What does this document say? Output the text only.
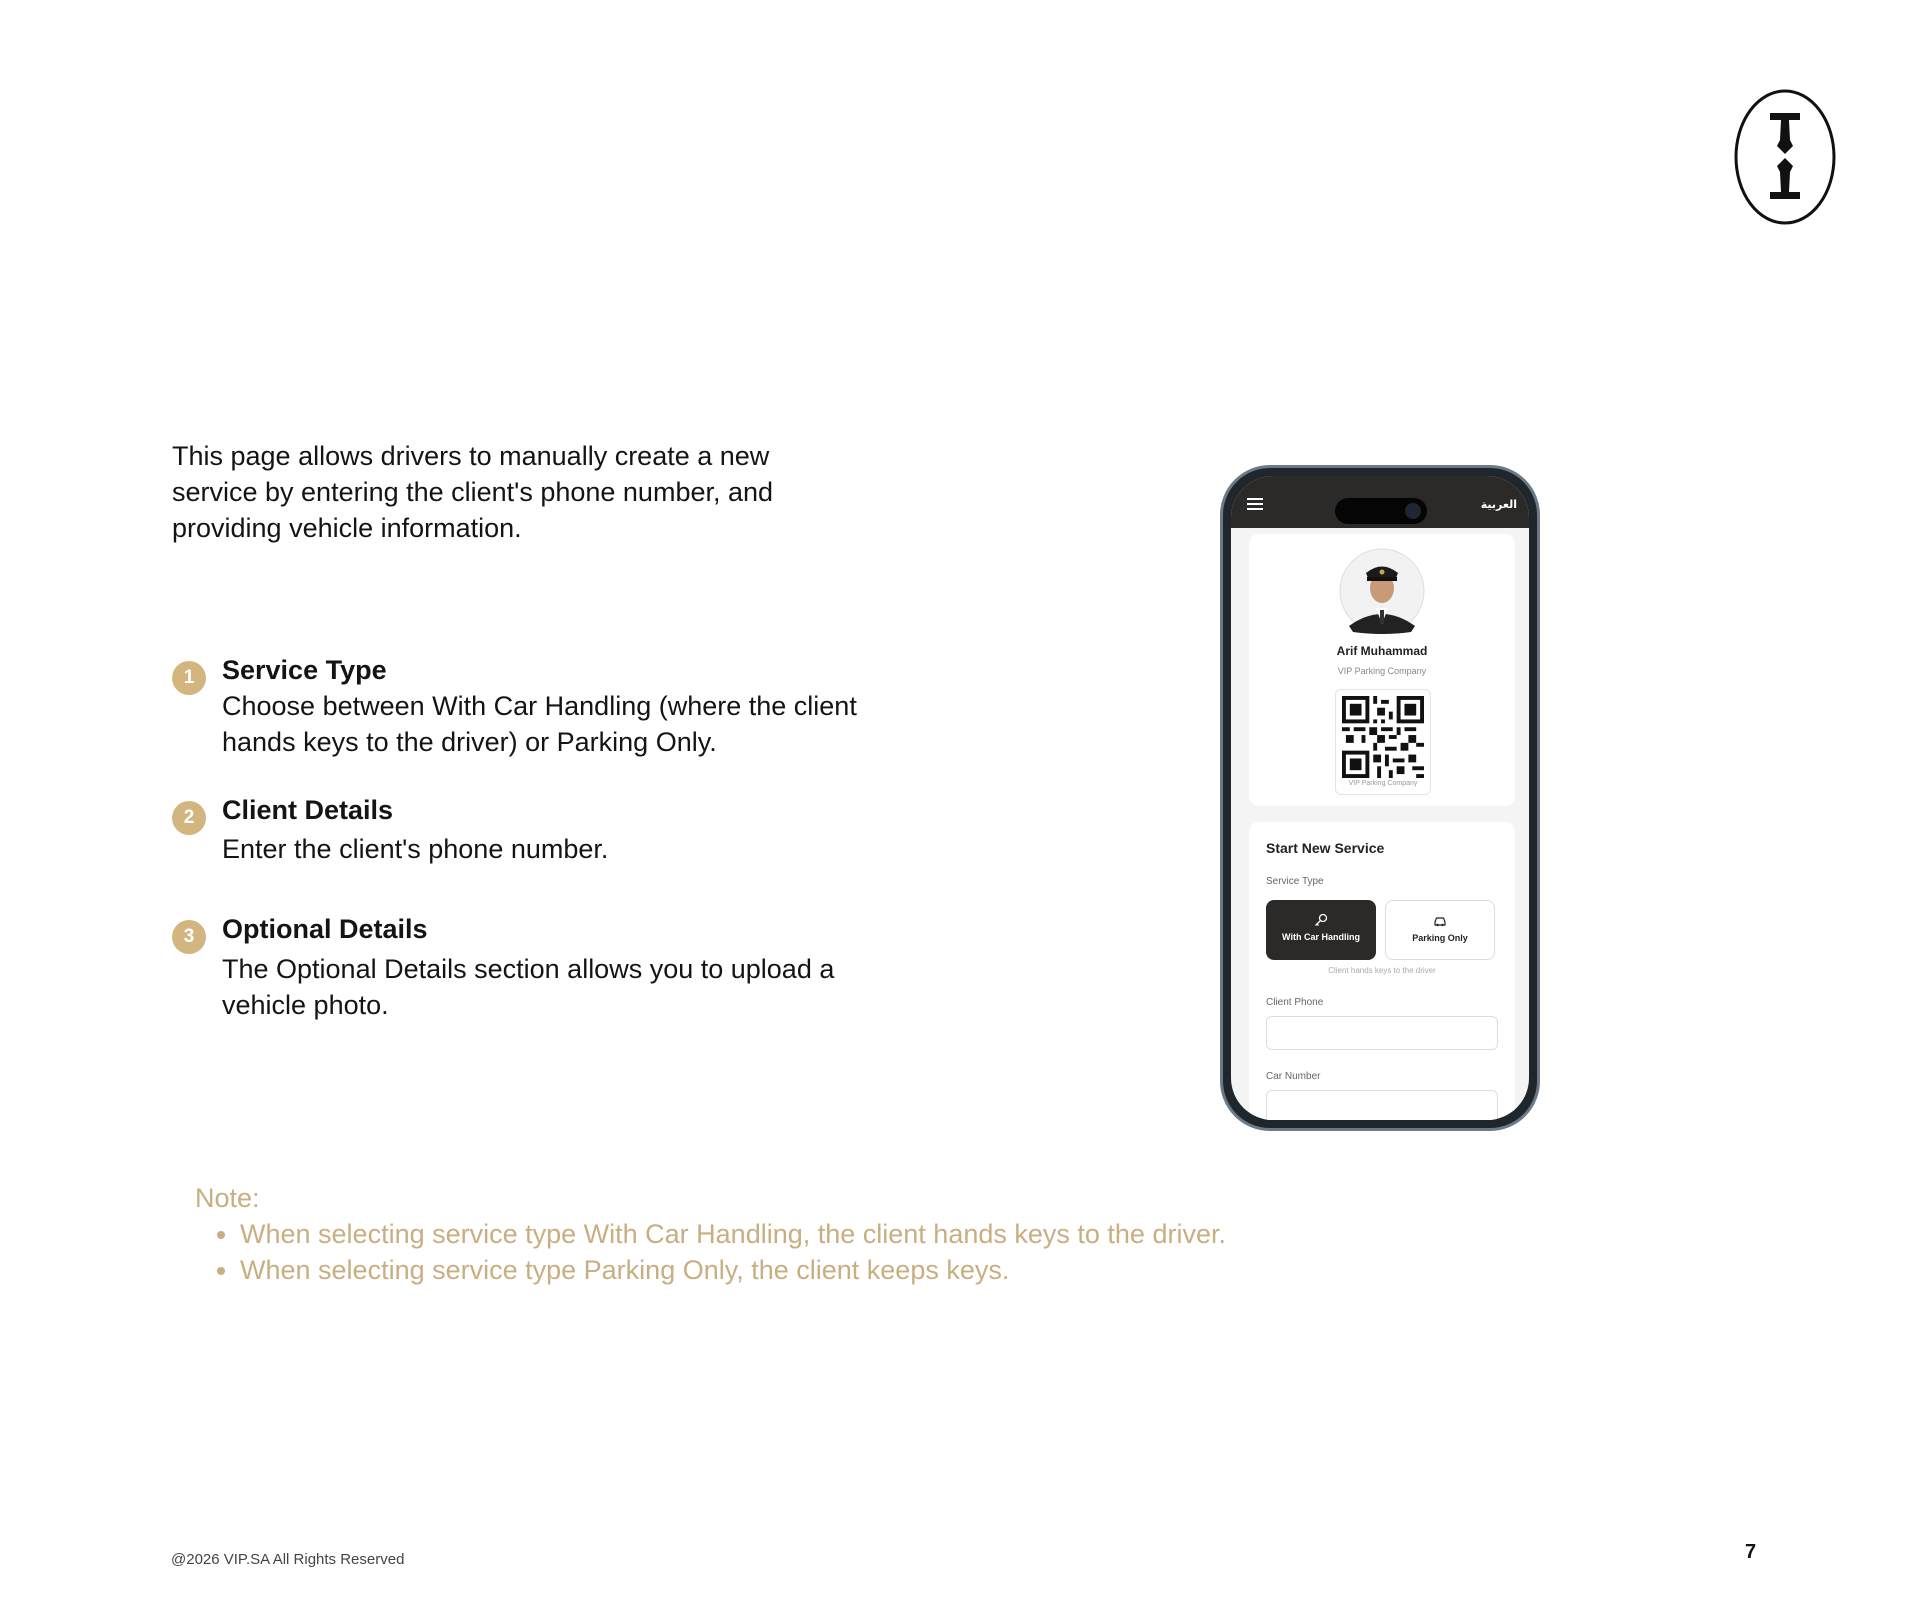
This page allows drivers to manually create a new service by entering the client's phone number, and providing vehicle information.

1	Service Type

Choose between With Car Handling (where the client hands keys to the driver) or Parking Only.

2	Client Details

Enter the client's phone number.

3	Optional Details

The Optional Details section allows you to upload a vehicle photo.

العربية
Arif Muhammad
VIP Parking Company
VIP Parking Company
Start New Service
Service Type
With Car Handling	Parking Only
Client hands keys to the driver
Client Phone
Car Number

Note:

• When selecting service type With Car Handling, the client hands keys to the driver.
• When selecting service type Parking Only, the client keeps keys.
@2026 VIP.SA All Rights Reserved	7
